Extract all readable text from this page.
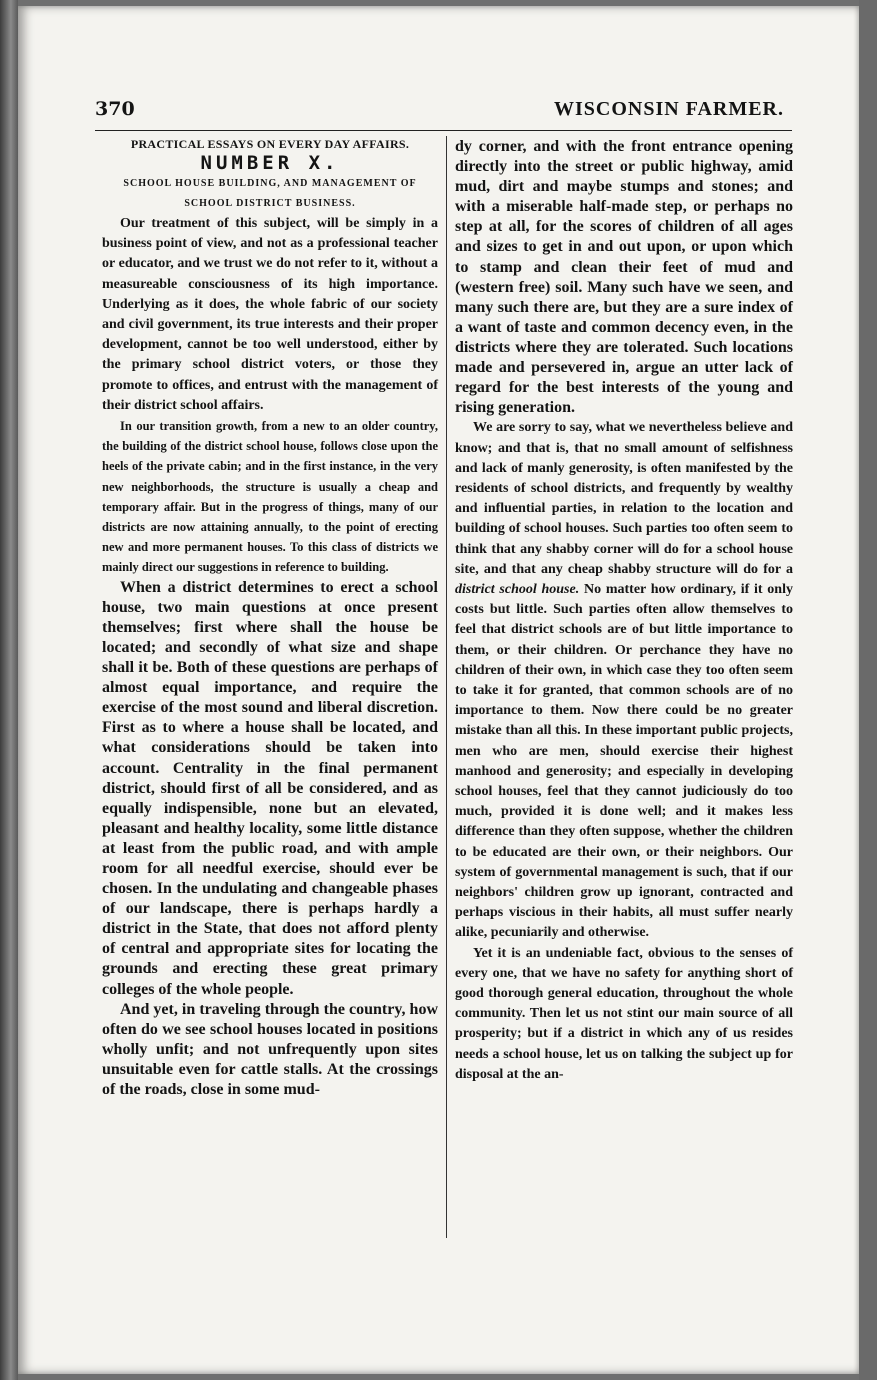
370	WISCONSIN FARMER.

PRACTICAL ESSAYS ON EVERY DAY AFFAIRS.

NUMBER X.

SCHOOL HOUSE BUILDING, AND MANAGEMENT OF SCHOOL DISTRICT BUSINESS.

Our treatment of this subject, will be simply in a business point of view, and not as a professional teacher or educator, and we trust we do not refer to it, without a measureable consciousness of its high importance. Underlying as it does, the whole fabric of our society and civil government, its true interests and their proper development, cannot be too well understood, either by the primary school district voters, or those they promote to offices, and entrust with the management of their district school affairs.

In our transition growth, from a new to an older country, the building of the district school house, follows close upon the heels of the private cabin; and in the first instance, in the very new neighborhoods, the structure is usually a cheap and temporary affair. But in the progress of things, many of our districts are now attaining annually, to the point of erecting new and more permanent houses. To this class of districts we mainly direct our suggestions in reference to building.

When a district determines to erect a school house, two main questions at once present themselves; first where shall the house be located; and secondly of what size and shape shall it be. Both of these questions are perhaps of almost equal importance, and require the exercise of the most sound and liberal discretion. First as to where a house shall be located, and what considerations should be taken into account. Centrality in the final permanent district, should first of all be considered, and as equally indispensible, none but an elevated, pleasant and healthy locality, some little distance at least from the public road, and with ample room for all needful exercise, should ever be chosen. In the undulating and changeable phases of our landscape, there is perhaps hardly a district in the State, that does not afford plenty of central and appropriate sites for locating the grounds and erecting these great primary colleges of the whole people.

And yet, in traveling through the country, how often do we see school houses located in positions wholly unfit; and not unfrequently upon sites unsuitable even for cattle stalls. At the crossings of the roads, close in some mud-

dy corner, and with the front entrance opening directly into the street or public highway, amid mud, dirt and maybe stumps and stones; and with a miserable half-made step, or perhaps no step at all, for the scores of children of all ages and sizes to get in and out upon, or upon which to stamp and clean their feet of mud and (western free) soil. Many such have we seen, and many such there are, but they are a sure index of a want of taste and common decency even, in the districts where they are tolerated. Such locations made and persevered in, argue an utter lack of regard for the best interests of the young and rising generation.

We are sorry to say, what we nevertheless believe and know; and that is, that no small amount of selfishness and lack of manly generosity, is often manifested by the residents of school districts, and frequently by wealthy and influential parties, in relation to the location and building of school houses. Such parties too often seem to think that any shabby corner will do for a school house site, and that any cheap shabby structure will do for a district school house. No matter how ordinary, if it only costs but little. Such parties often allow themselves to feel that district schools are of but little importance to them, or their children. Or perchance they have no children of their own, in which case they too often seem to take it for granted, that common schools are of no importance to them. Now there could be no greater mistake than all this. In these important public projects, men who are men, should exercise their highest manhood and generosity; and especially in developing school houses, feel that they cannot judiciously do too much, provided it is done well; and it makes less difference than they often suppose, whether the children to be educated are their own, or their neighbors. Our system of governmental management is such, that if our neighbors' children grow up ignorant, contracted and perhaps viscious in their habits, all must suffer nearly alike, pecuniarily and otherwise.

Yet it is an undeniable fact, obvious to the senses of every one, that we have no safety for anything short of good thorough general education, throughout the whole community. Then let us not stint our main source of all prosperity; but if a district in which any of us resides needs a school house, let us on talking the subject up for disposal at the an-
